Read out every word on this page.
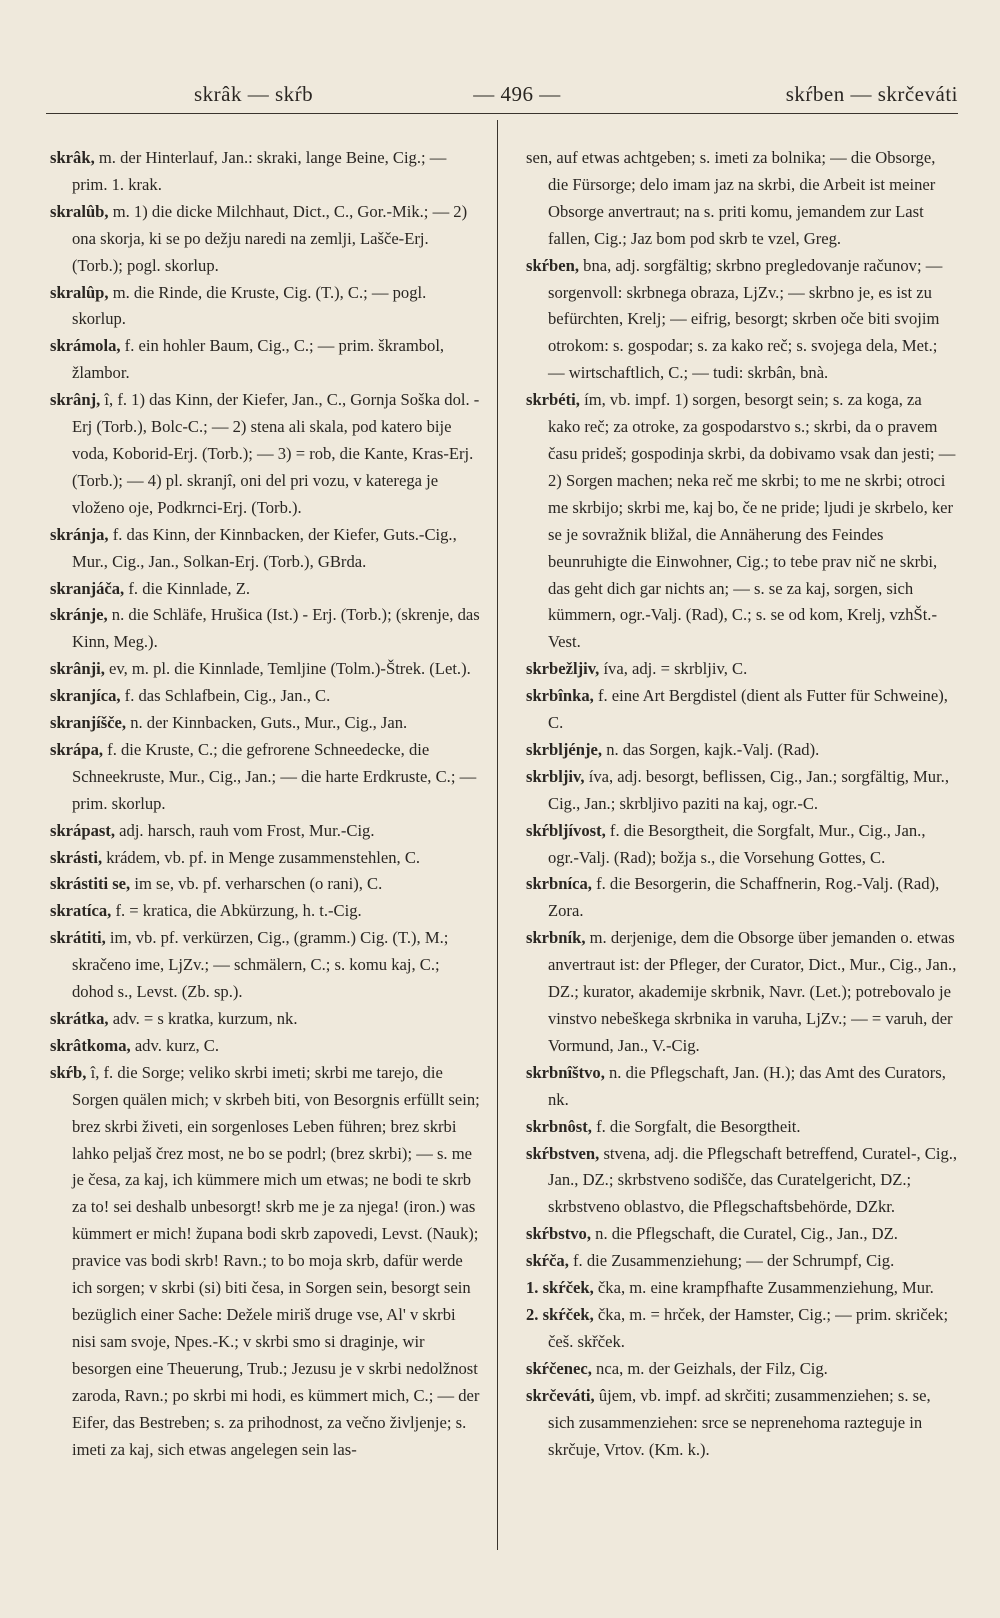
skrâk — skŕb	— 496 —	skŕben — skrčeváti

skrâk, m. der Hinterlauf, Jan.: skraki, lange Beine, Cig.; — prim. 1. krak.

skralûb, m. 1) die dicke Milchhaut, Dict., C., Gor.-Mik.; — 2) ona skorja, ki se po dežju naredi na zemlji, Lašče-Erj. (Torb.); pogl. skorlup.

skralûp, m. die Rinde, die Kruste, Cig. (T.), C.; — pogl. skorlup.

skrámola, f. ein hohler Baum, Cig., C.; — prim. škrambol, žlambor.

skrânj, î, f. 1) das Kinn, der Kiefer, Jan., C., Gornja Soška dol. - Erj (Torb.), Bolc-C.; — 2) stena ali skala, pod katero bije voda, Koborid-Erj. (Torb.); — 3) = rob, die Kante, Kras-Erj. (Torb.); — 4) pl. skranjî, oni del pri vozu, v katerega je vloženo oje, Podkrnci-Erj. (Torb.).

skránja, f. das Kinn, der Kinnbacken, der Kiefer, Guts.-Cig., Mur., Cig., Jan., Solkan-Erj. (Torb.), GBrda.

skranjáča, f. die Kinnlade, Z.

skránje, n. die Schläfe, Hrušica (Ist.) - Erj. (Torb.); (skrenje, das Kinn, Meg.).

skrânji, ev, m. pl. die Kinnlade, Temljine (Tolm.)-Štrek. (Let.).

skranjíca, f. das Schlafbein, Cig., Jan., C.

skranjíšče, n. der Kinnbacken, Guts., Mur., Cig., Jan.

skrápa, f. die Kruste, C.; die gefrorene Schneedecke, die Schneekruste, Mur., Cig., Jan.; — die harte Erdkruste, C.; — prim. skorlup.

skrápast, adj. harsch, rauh vom Frost, Mur.-Cig.

skrásti, krádem, vb. pf. in Menge zusammenstehlen, C.

skrástiti se, im se, vb. pf. verharschen (o rani), C.

skratíca, f. = kratica, die Abkürzung, h. t.-Cig.

skrátiti, im, vb. pf. verkürzen, Cig., (gramm.) Cig. (T.), M.; skračeno ime, LjZv.; — schmälern, C.; s. komu kaj, C.; dohod s., Levst. (Zb. sp.).

skrátka, adv. = s kratka, kurzum, nk.

skrâtkoma, adv. kurz, C.

skŕb, î, f. die Sorge; veliko skrbi imeti; skrbi me tarejo, die Sorgen quälen mich; v skrbeh biti, von Besorgnis erfüllt sein; brez skrbi živeti, ein sorgenloses Leben führen; brez skrbi lahko peljaš črez most, ne bo se podrl; (brez skrbi); — s. me je česa, za kaj, ich kümmere mich um etwas; ne bodi te skrb za to! sei deshalb unbesorgt! skrb me je za njega! (iron.) was kümmert er mich! županа bodi skrb zapovedi, Levst. (Nauk); pravice vas bodi skrb! Ravn.; to bo moja skrb, dafür werde ich sorgen; v skrbi (si) biti česa, in Sorgen sein, besorgt sein bezüglich einer Sache: Dežele miriš druge vse, Al' v skrbi nisi sam svoje, Npes.-K.; v skrbi smo si draginje, wir besorgen eine Theuerung, Trub.; Jezusu je v skrbi nedolžnost zaroda, Ravn.; po skrbi mi hodi, es kümmert mich, C.; — der Eifer, das Bestreben; s. za prihodnost, za večno življenje; s. imeti za kaj, sich etwas angelegen sein las-

sen, auf etwas achtgeben; s. imeti za bolnika; — die Obsorge, die Fürsorge; delo imam jaz na skrbi, die Arbeit ist meiner Obsorge anvertraut; na s. priti komu, jemandem zur Last fallen, Cig.; Jaz bom pod skrb te vzel, Greg.

skŕben, bna, adj. sorgfältig; skrbno pregledovanje računov; — sorgenvoll: skrbnega obraza, LjZv.; — skrbno je, es ist zu befürchten, Krelj; — eifrig, besorgt; skrben oče biti svojim otrokom: s. gospodar; s. za kako reč; s. svojega dela, Met.; — wirtschaftlich, C.; — tudi: skrbân, bnà.

skrbéti, ím, vb. impf. 1) sorgen, besorgt sein; s. za koga, za kako reč; za otroke, za gospodarstvo s.; skrbi, da o pravem času prideš; gospodinja skrbi, da dobivamo vsak dan jesti; — 2) Sorgen machen; neka reč me skrbi; to me ne skrbi; otroci me skrbijo; skrbi me, kaj bo, če ne pride; ljudi je skrbelo, ker se je sovražnik bližal, die Annäherung des Feindes beunruhigte die Einwohner, Cig.; to tebe prav nič ne skrbi, das geht dich gar nichts an; — s. se za kaj, sorgen, sich kümmern, ogr.-Valj. (Rad), C.; s. se od kom, Krelj, vzhŠt.-Vest.

skrbežljiv, íva, adj. = skrbljiv, C.

skrbînka, f. eine Art Bergdistel (dient als Futter für Schweine), C.

skrbljénje, n. das Sorgen, kajk.-Valj. (Rad).

skrbljiv, íva, adj. besorgt, beflissen, Cig., Jan.; sorgfältig, Mur., Cig., Jan.; skrbljivo paziti na kaj, ogr.-C.

skŕbljívost, f. die Besorgtheit, die Sorgfalt, Mur., Cig., Jan., ogr.-Valj. (Rad); božja s., die Vorsehung Gottes, C.

skrbníca, f. die Besorgerin, die Schaffnerin, Rog.-Valj. (Rad), Zora.

skrbník, m. derjenige, dem die Obsorge über jemanden o. etwas anvertraut ist: der Pfleger, der Curator, Dict., Mur., Cig., Jan., DZ.; kurator, akademije skrbnik, Navr. (Let.); potrebovalo je vinstvo nebeškega skrbnika in varuha, LjZv.; — = varuh, der Vormund, Jan., V.-Cig.

skrbnîštvo, n. die Pflegschaft, Jan. (H.); das Amt des Curators, nk.

skrbnôst, f. die Sorgfalt, die Besorgtheit.

skŕbstven, stvena, adj. die Pflegschaft betreffend, Curatel-, Cig., Jan., DZ.; skrbstveno sodišče, das Curatelgericht, DZ.; skrbstveno oblastvo, die Pflegschaftsbehörde, DZkr.

skŕbstvo, n. die Pflegschaft, die Curatel, Cig., Jan., DZ.

skŕča, f. die Zusammenziehung; — der Schrumpf, Cig.

1. skŕček, čka, m. eine krampfhafte Zusammenziehung, Mur.

2. skŕček, čka, m. = hrček, der Hamster, Cig.; — prim. skriček; češ. skřček.

skŕčenec, nca, m. der Geizhals, der Filz, Cig.

skrčeváti, ûjem, vb. impf. ad skrčiti; zusammenziehen; s. se, sich zusammenziehen: srce se neprenehoma razteguje in skrčuje, Vrtov. (Km. k.).
